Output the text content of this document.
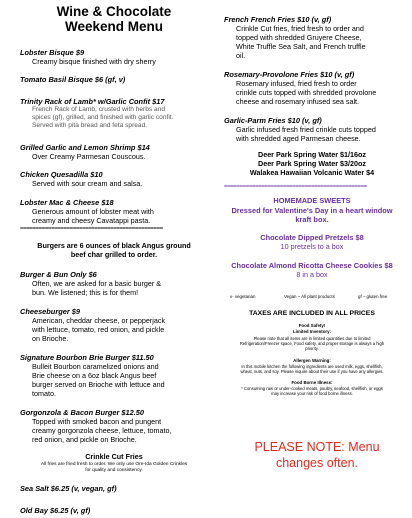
Wine & Chocolate
Weekend Menu
Lobster Bisque $9
Creamy bisque finished with dry sherry
Tomato Basil Bisque $6 (gf, v)
Trinity Rack of Lamb* w/Garlic Confit $17
French Rack of Lamb, crusted with herbs and
spices (gf), grilled, and finished with garlic confit.
Served with pita bread and feta spread.
Grilled Garlic and Lemon Shrimp $14
Over Creamy Parmesan Couscous.
Chicken Quesadilla $10
Served with sour cream and salsa.
Lobster Mac & Cheese $18
Generous amount of lobster meat with
creamy and cheesy Cavatappi pasta.
==============================================
Burgers are 6 ounces of black Angus ground
beef char grilled to order.
Burger & Bun Only $6
Often, we are asked for a basic burger &
bun. We listened; this is for them!
Cheeseburger $9
American, cheddar cheese, or pepperjack
with lettuce, tomato, red onion, and pickle
on Brioche.
Signature Bourbon Brie Burger $11.50
Bulleit Bourbon caramelized onions and
Brie cheese on a 6oz black Angus beef
burger served on Brioche with lettuce and
tomato.
Gorgonzola & Bacon Burger $12.50
Topped with smoked bacon and pungent
creamy gorgonzola cheese, lettuce, tomato,
red onion, and pickle on Brioche.
Crinkle Cut Fries
All fries are fried fresh to order. We only use Ore-Ida Golden Crinkles
for quality and consistency.
Sea Salt $6.25 (v, vegan, gf)
Old Bay $6.25 (v, gf)
French French Fries $10 (v, gf)
Crinkle Cut fries, fried fresh to order and
topped with shredded Gruyere Cheese,
White Truffle Sea Salt, and French truffle
oil.
Rosemary-Provolone Fries $10 (v, gf)
Rosemary infused, fried fresh to order
crinkle cuts topped with shredded provolone
cheese and rosemary infused sea salt.
Garlic-Parm Fries $10 (v, gf)
Garlic infused fresh fried crinkle cuts topped
with shredded aged Parmesan cheese.
Deer Park Spring Water $1/16oz
Deer Park Spring Water $3/20oz
Walakea Hawaiian Volcanic Water $4
==============================================
HOMEMADE SWEETS
Dressed for Valentine's Day in a heart window
kraft box.
Chocolate Dipped Pretzels $8
10 pretzels to a box
Chocolate Almond Ricotta Cheese Cookies $8
8 in a box
v- vegetarian	Vegan – All plant products	gf – gluten free
TAXES ARE INCLUDED IN ALL PRICES
Food Safety!
Limited Inventory:
Please note that all items are in limited quantities due to limited
Refrigeration/Freezer space, Food safety, and proper storage is always a high
priority.
Allergen Warning:
In this mobile kitchen the following ingredients are used milk, eggs, shellfish,
wheat, nuts, and soy. Please inquire about their use if you have any allergies.
Food Borne Illness:
* Consuming raw or under-cooked meats, poultry, seafood, shellfish, or eggs
may increase your risk of food borne illness.
PLEASE NOTE: Menu
changes often.
